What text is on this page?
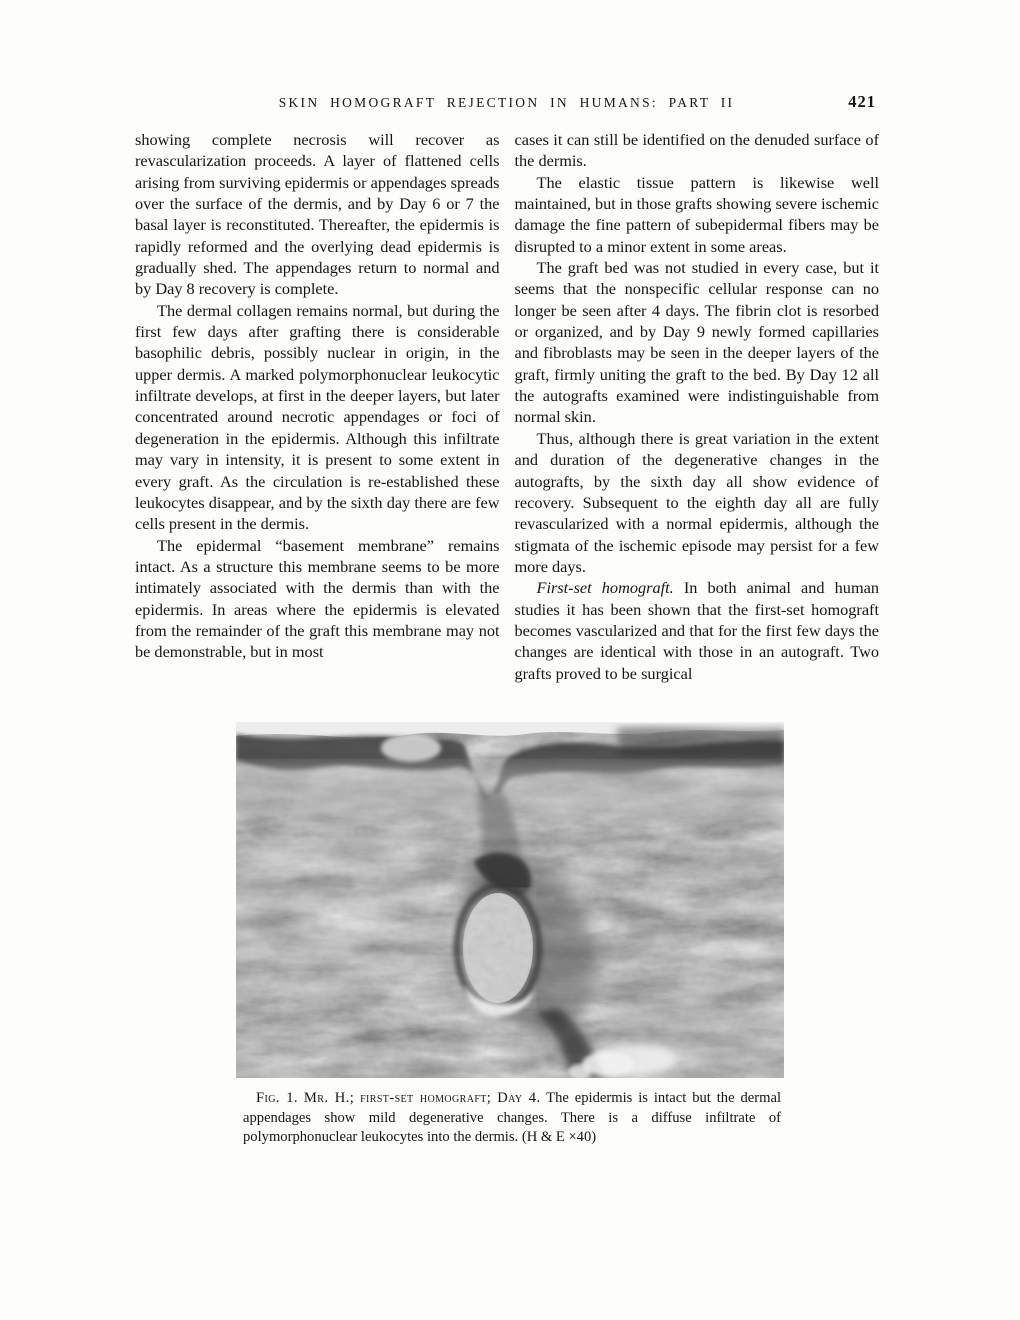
SKIN HOMOGRAFT REJECTION IN HUMANS: PART II	421

showing complete necrosis will recover as revascularization proceeds. A layer of flattened cells arising from surviving epidermis or appendages spreads over the surface of the dermis, and by Day 6 or 7 the basal layer is reconstituted. Thereafter, the epidermis is rapidly reformed and the overlying dead epidermis is gradually shed. The appendages return to normal and by Day 8 recovery is complete.

The dermal collagen remains normal, but during the first few days after grafting there is considerable basophilic debris, possibly nuclear in origin, in the upper dermis. A marked polymorphonuclear leukocytic infiltrate develops, at first in the deeper layers, but later concentrated around necrotic appendages or foci of degeneration in the epidermis. Although this infiltrate may vary in intensity, it is present to some extent in every graft. As the circulation is re-established these leukocytes disappear, and by the sixth day there are few cells present in the dermis.

The epidermal “basement membrane” remains intact. As a structure this membrane seems to be more intimately associated with the dermis than with the epidermis. In areas where the epidermis is elevated from the remainder of the graft this membrane may not be demonstrable, but in most

cases it can still be identified on the denuded surface of the dermis.

The elastic tissue pattern is likewise well maintained, but in those grafts showing severe ischemic damage the fine pattern of subepidermal fibers may be disrupted to a minor extent in some areas.

The graft bed was not studied in every case, but it seems that the nonspecific cellular response can no longer be seen after 4 days. The fibrin clot is resorbed or organized, and by Day 9 newly formed capillaries and fibroblasts may be seen in the deeper layers of the graft, firmly uniting the graft to the bed. By Day 12 all the autografts examined were indistinguishable from normal skin.

Thus, although there is great variation in the extent and duration of the degenerative changes in the autografts, by the sixth day all show evidence of recovery. Subsequent to the eighth day all are fully revascularized with a normal epidermis, although the stigmata of the ischemic episode may persist for a few more days.

First-set homograft. In both animal and human studies it has been shown that the first-set homograft becomes vascularized and that for the first few days the changes are identical with those in an autograft. Two grafts proved to be surgical

Fig. 1. Mr. H.; first-set homograft; Day 4. The epidermis is intact but the dermal appendages show mild degenerative changes. There is a diffuse infiltrate of polymorphonuclear leukocytes into the dermis. (H & E ×40)
